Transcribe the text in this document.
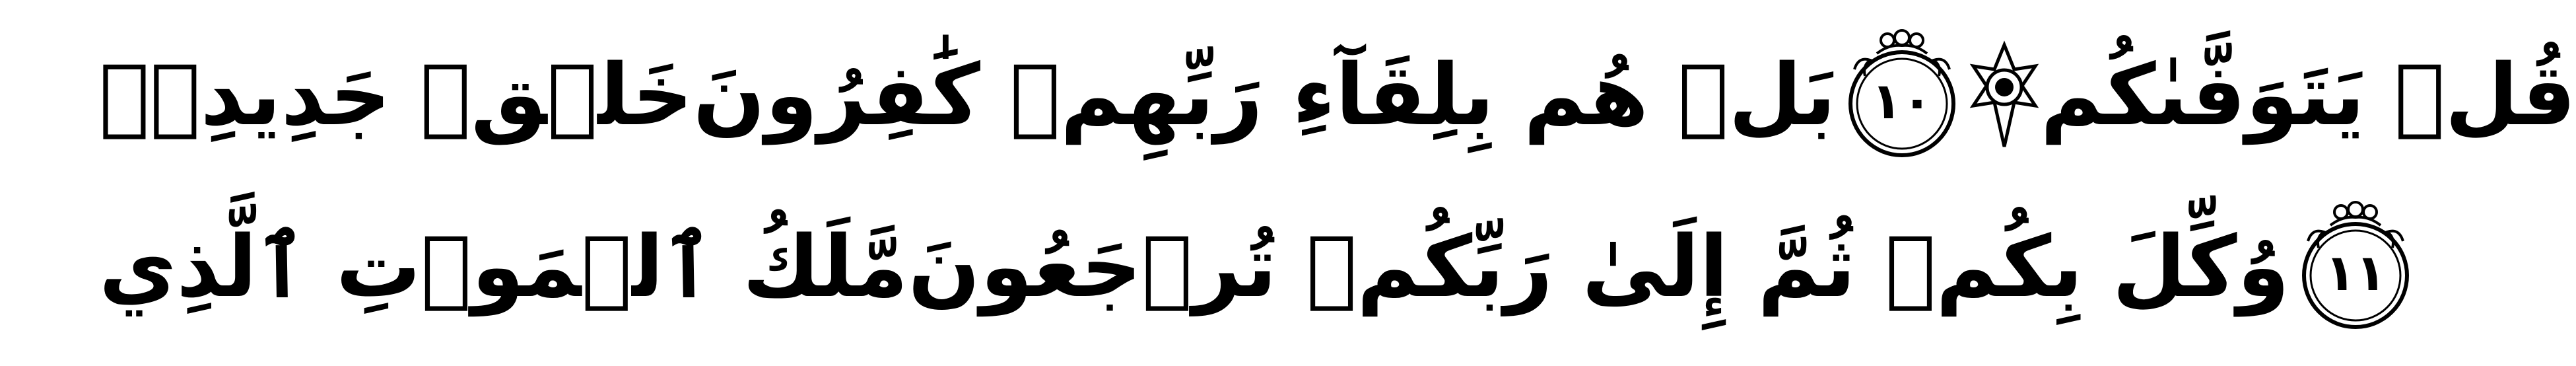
خَلۡقٖ جَدِيدِۭۚ بَلۡ هُم بِلِقَآءِ رَبِّهِمۡ كَٰفِرُونَ ١٠	قُلۡ يَتَوَفَّىٰكُم
مَّلَكُ ٱلۡمَوۡتِ ٱلَّذِي وُكِّلَ بِكُمۡ ثُمَّ إِلَىٰ رَبِّكُمۡ تُرۡجَعُونَ ١١
